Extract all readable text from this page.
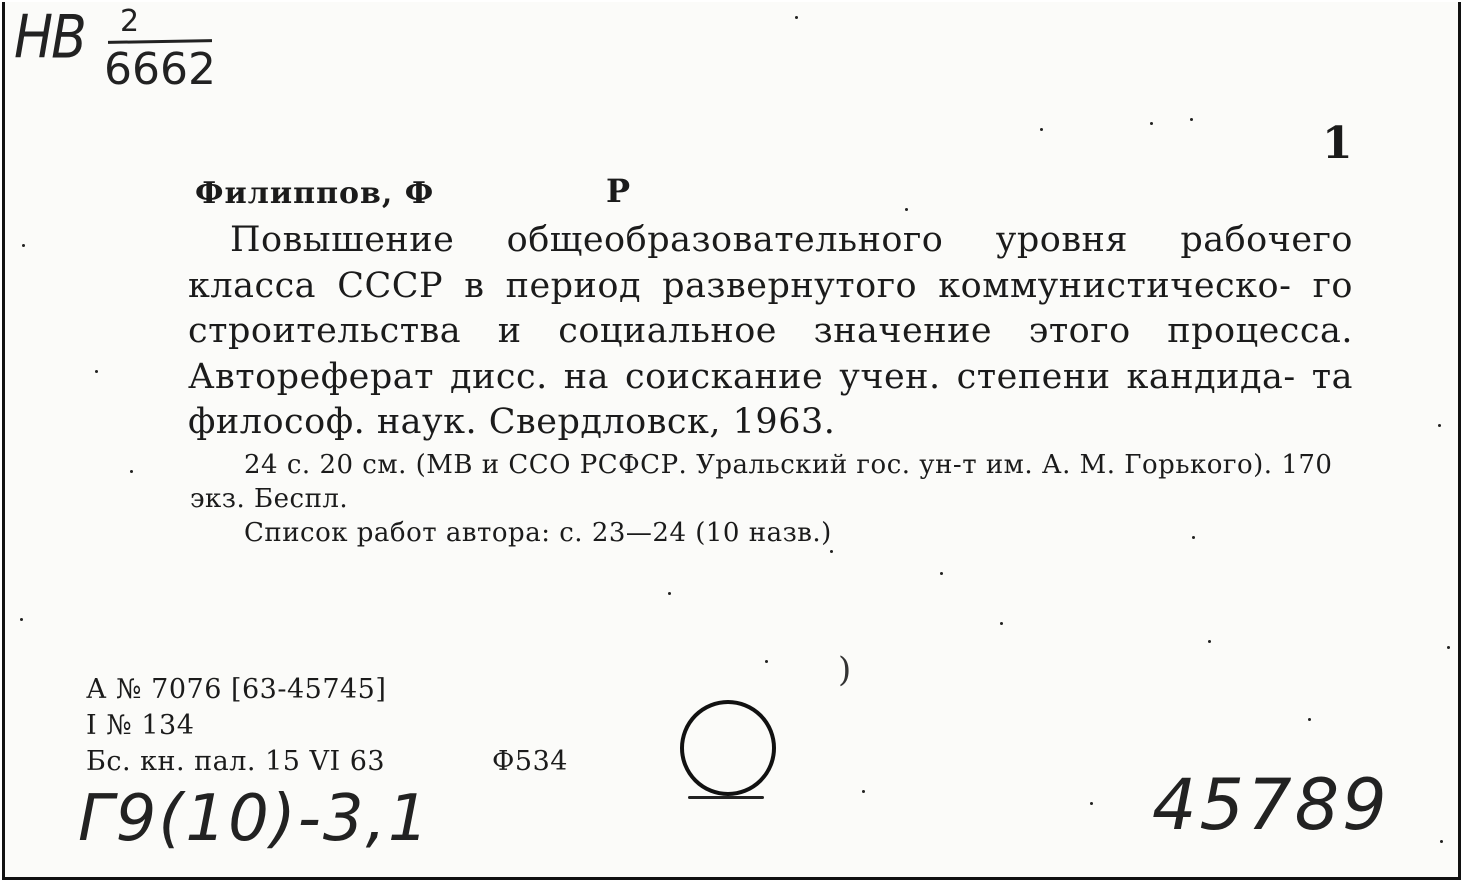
НВ 2
6662
1
Филиппов, Ф	Р
Повышение общеобразовательного уровня рабочего класса СССР в период развернутого коммунистическо- го строительства и социальное значение этого процесса. Автореферат дисс. на соискание учен. степени кандида- та философ. наук. Свердловск, 1963.
24 с. 20 см. (МВ и ССО РСФСР. Уральский гос. ун-т им. А. М. Горького). 170 экз. Беспл.
Список работ автора: с. 23—24 (10 назв.)
А № 7076 [63-45745]
I № 134
Бс. кн. пал. 15 VI 63	Ф534
)
Г9(10)-3,1	45789
